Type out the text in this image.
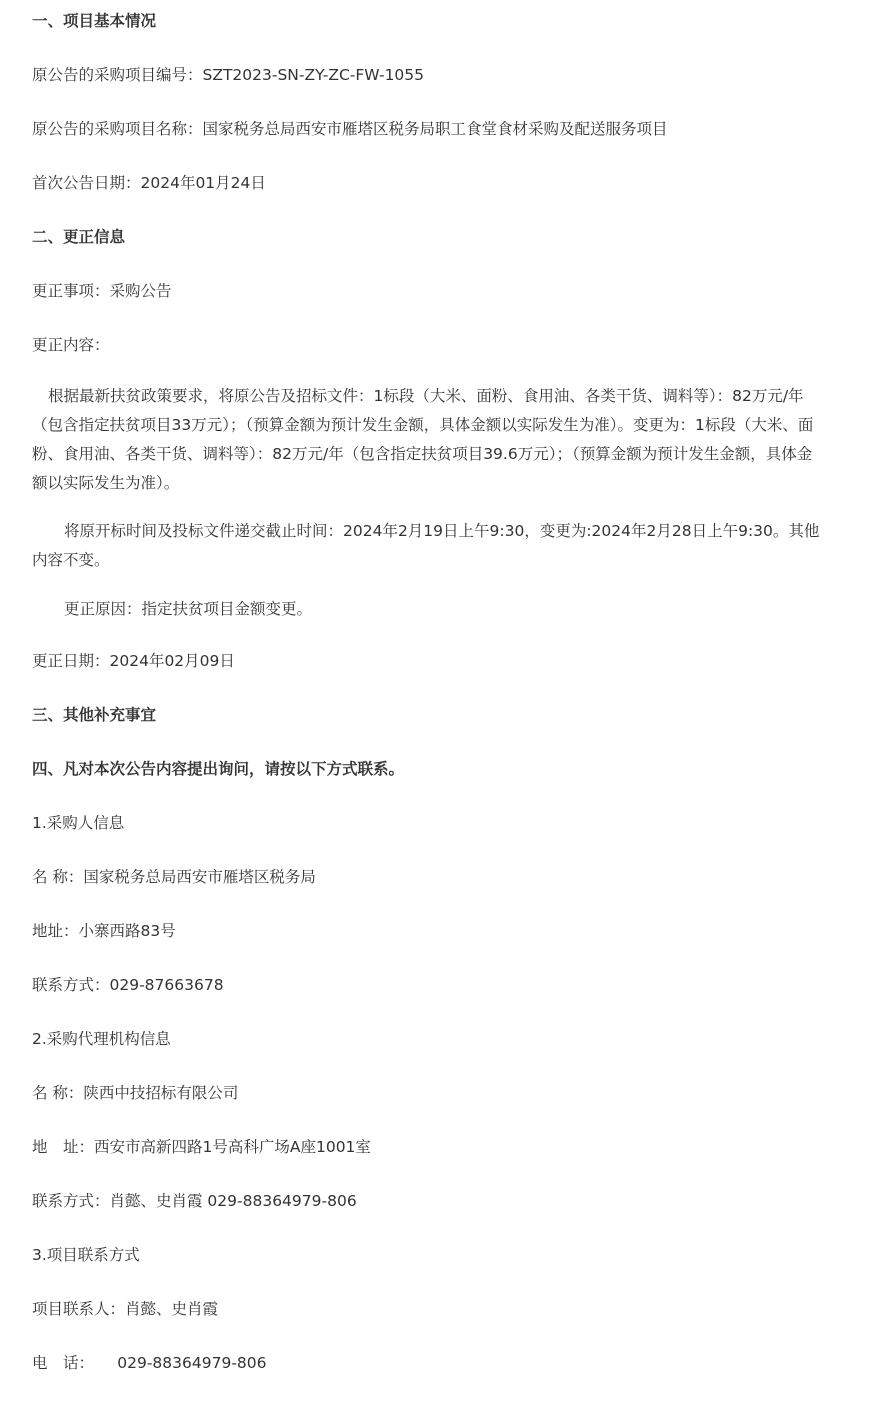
一、项目基本情况
原公告的采购项目编号：SZT2023-SN-ZY-ZC-FW-1055
原公告的采购项目名称：国家税务总局西安市雁塔区税务局职工食堂食材采购及配送服务项目
首次公告日期：2024年01月24日
二、更正信息
更正事项：采购公告
更正内容：
根据最新扶贫政策要求，将原公告及招标文件：1标段（大米、面粉、食用油、各类干货、调料等）：82万元/年（包含指定扶贫项目33万元）；（预算金额为预计发生金额，具体金额以实际发生为准）。变更为：1标段（大米、面粉、食用油、各类干货、调料等）：82万元/年（包含指定扶贫项目39.6万元）；（预算金额为预计发生金额，具体金额以实际发生为准）。
将原开标时间及投标文件递交截止时间：2024年2月19日上午9:30，变更为:2024年2月28日上午9:30。其他内容不变。
更正原因：指定扶贫项目金额变更。
更正日期：2024年02月09日
三、其他补充事宜
四、凡对本次公告内容提出询问，请按以下方式联系。
1.采购人信息
名 称：国家税务总局西安市雁塔区税务局
地址：小寨西路83号
联系方式：029-87663678
2.采购代理机构信息
名 称：陕西中技招标有限公司
地　址：西安市高新四路1号高科广场A座1001室
联系方式：肖懿、史肖霞 029-88364979-806
3.项目联系方式
项目联系人：肖懿、史肖霞
电　话：　　029-88364979-806
